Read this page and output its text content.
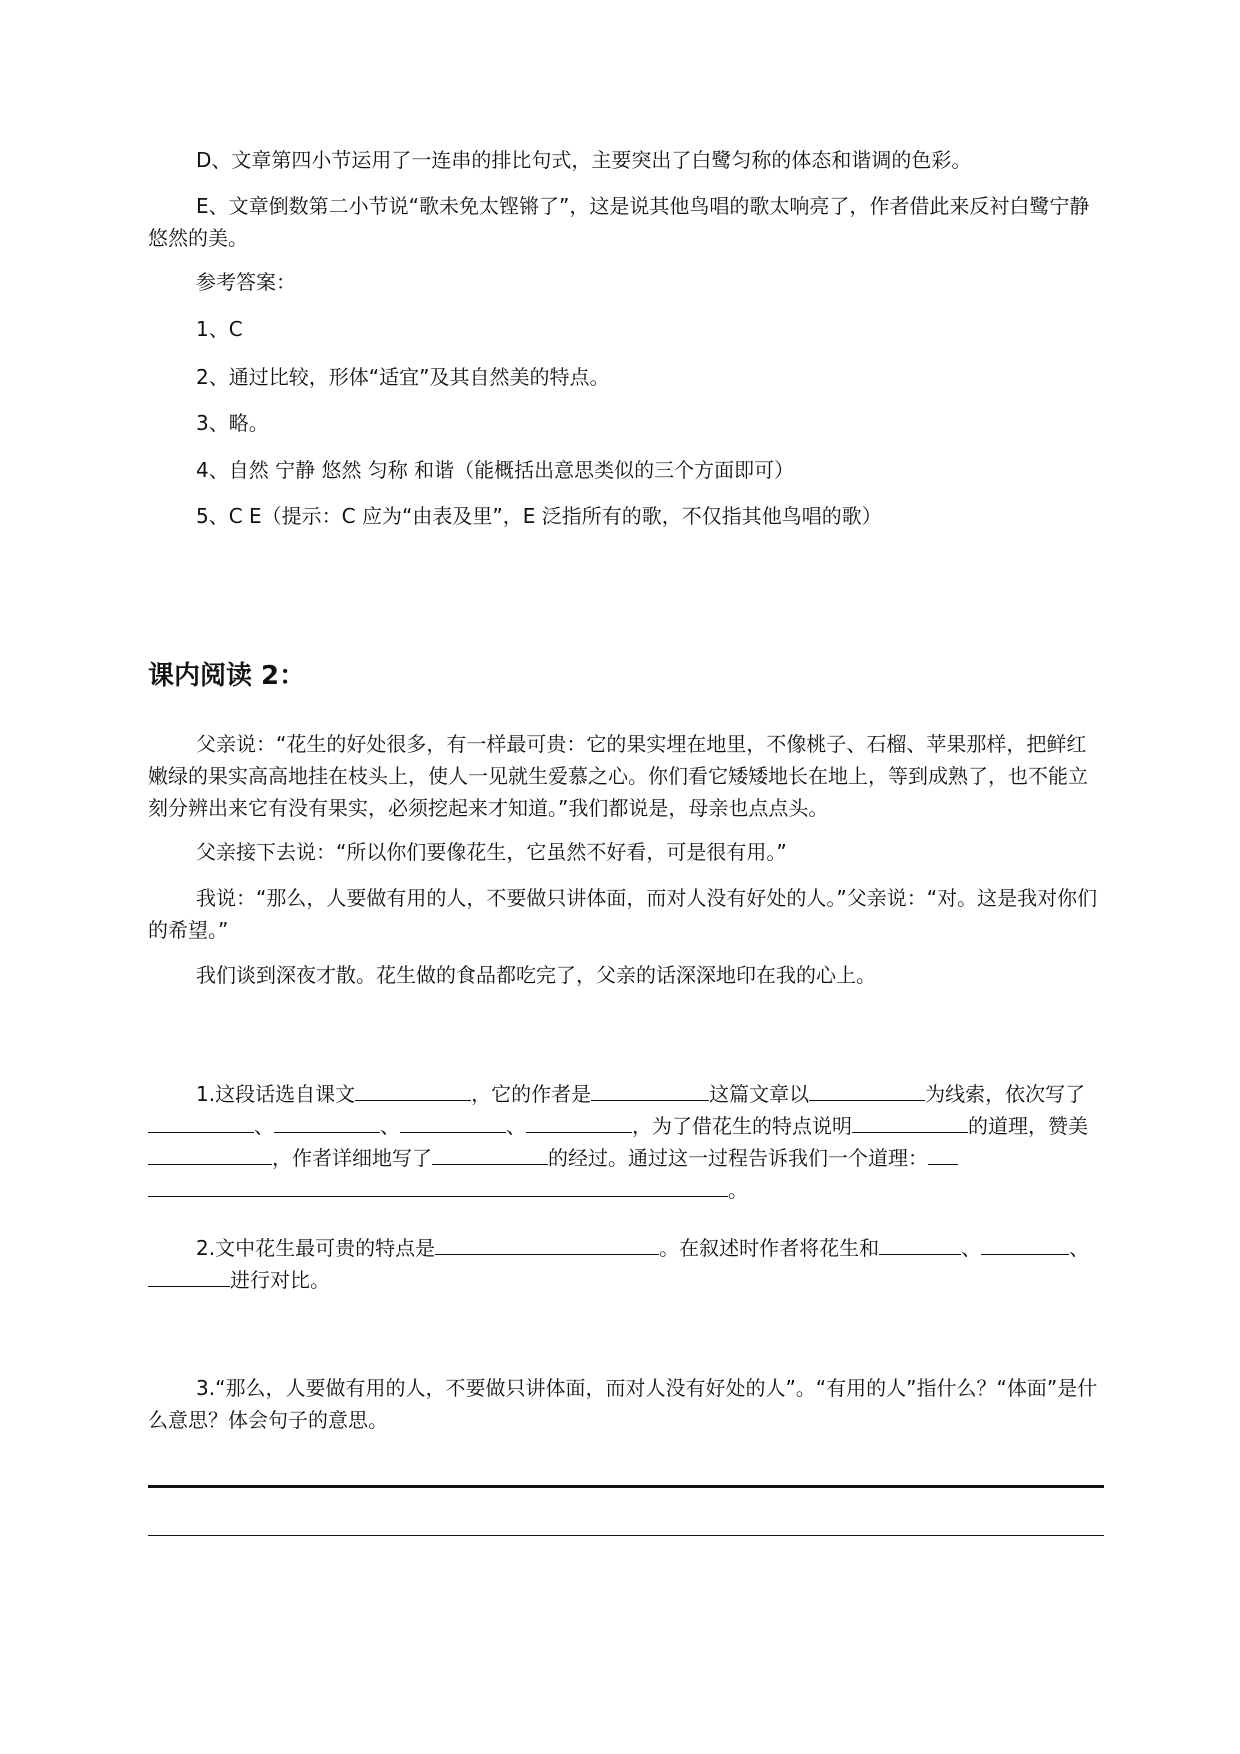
D、文章第四小节运用了一连串的排比句式，主要突出了白鹭匀称的体态和谐调的色彩。

E、文章倒数第二小节说“歌未免太铿锵了”，这是说其他鸟唱的歌太响亮了，作者借此来反衬白鹭宁静悠然的美。

参考答案：

1、C

2、通过比较，形体“适宜”及其自然美的特点。

3、略。

4、自然 宁静 悠然 匀称 和谐（能概括出意思类似的三个方面即可）

5、C E（提示：C 应为“由表及里”，E 泛指所有的歌，不仅指其他鸟唱的歌）

课内阅读 2：

父亲说：“花生的好处很多，有一样最可贵：它的果实埋在地里，不像桃子、石榴、苹果那样，把鲜红嫩绿的果实高高地挂在枝头上，使人一见就生爱慕之心。你们看它矮矮地长在地上，等到成熟了，也不能立刻分辨出来它有没有果实，必须挖起来才知道。”我们都说是，母亲也点点头。

父亲接下去说：“所以你们要像花生，它虽然不好看，可是很有用。”

我说：“那么，人要做有用的人，不要做只讲体面，而对人没有好处的人。”父亲说：“对。这是我对你们的希望。”

我们谈到深夜才散。花生做的食品都吃完了，父亲的话深深地印在我的心上。

1.这段话选自课文	，它的作者是	这篇文章以	为线索，依次写了、	、	、	，为了借花生的特点说明	的道理，赞美，作者详细地写了	的经过。通过这一过程告诉我们一个道理：。

2.文中花生最可贵的特点是	。在叙述时作者将花生和	、	、进行对比。

3.“那么，人要做有用的人，不要做只讲体面，而对人没有好处的人”。“有用的人”指什么？“体面”是什么意思？体会句子的意思。
